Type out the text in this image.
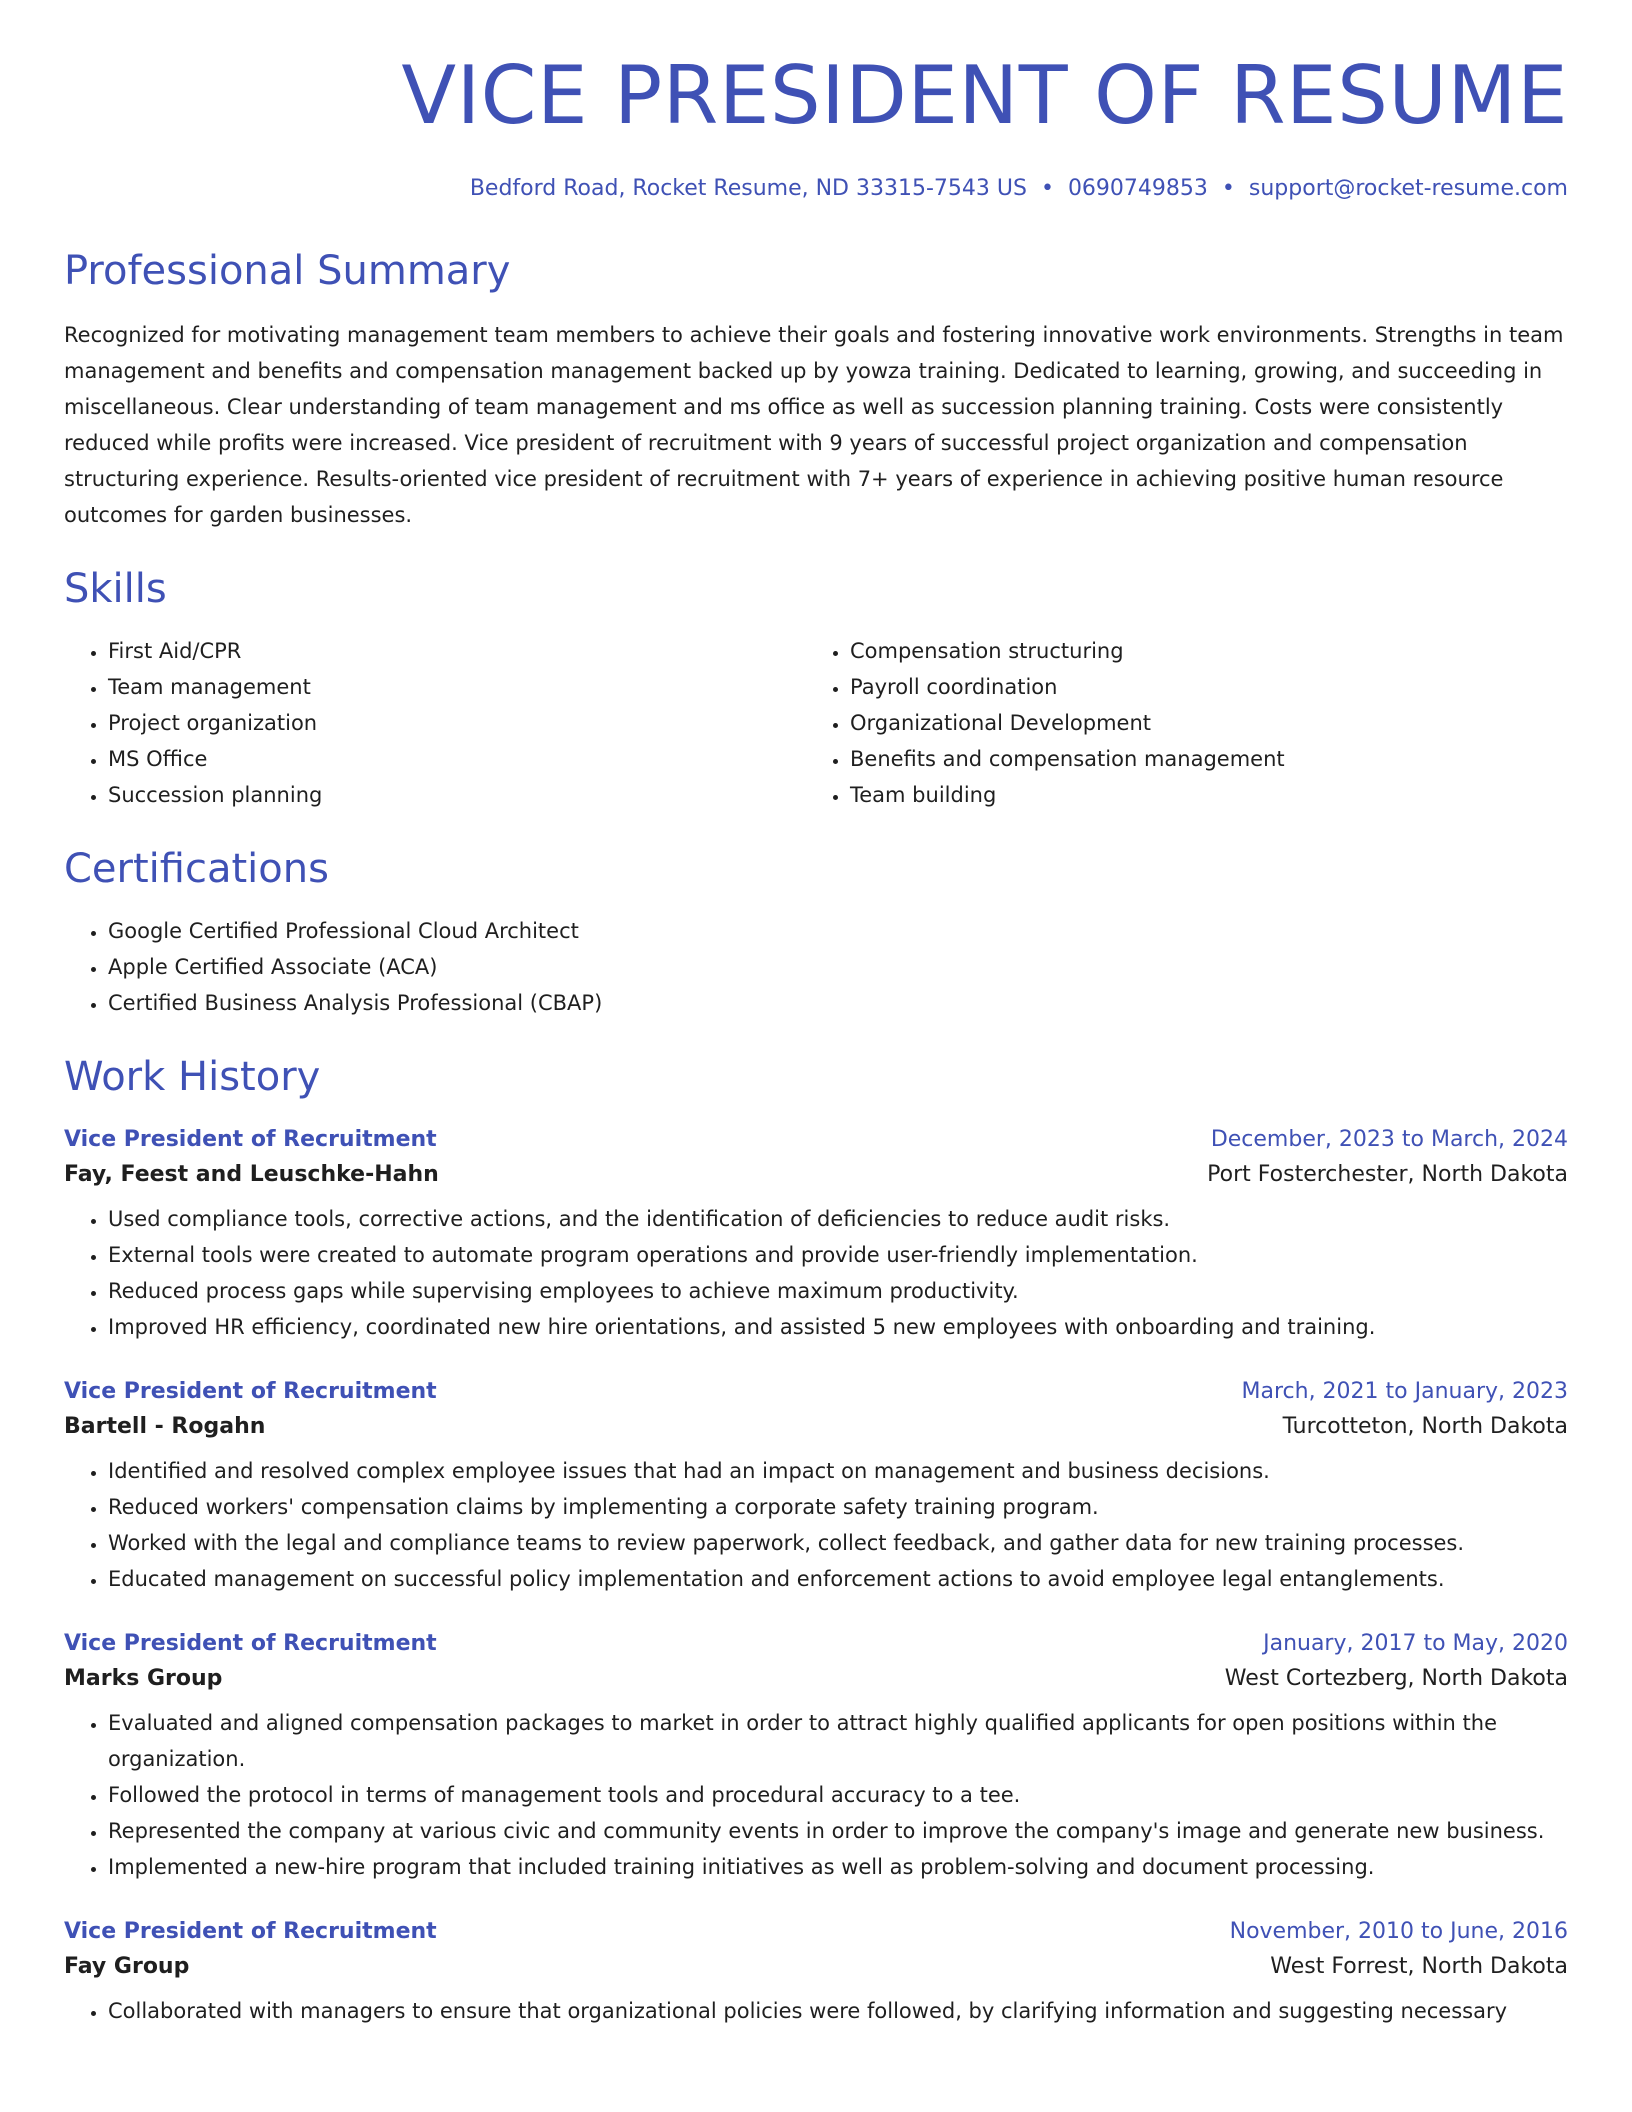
VICE PRESIDENT OF RESUME
Bedford Road, Rocket Resume, ND 33315-7543 US • 0690749853 • support@rocket-resume.com
Professional Summary

Recognized for motivating management team members to achieve their goals and fostering innovative work environments. Strengths in team management and benefits and compensation management backed up by yowza training. Dedicated to learning, growing, and succeeding in miscellaneous. Clear understanding of team management and ms office as well as succession planning training. Costs were consistently reduced while profits were increased. Vice president of recruitment with 9 years of successful project organization and compensation structuring experience. Results-oriented vice president of recruitment with 7+ years of experience in achieving positive human resource outcomes for garden businesses.

Skills
• First Aid/CPR
• Team management
• Project organization
• MS Office
• Succession planning
• Compensation structuring
• Payroll coordination
• Organizational Development
• Benefits and compensation management
• Team building
Certifications
• Google Certified Professional Cloud Architect
• Apple Certified Associate (ACA)
• Certified Business Analysis Professional (CBAP)
Work History
Vice President of Recruitment	December, 2023 to March, 2024
Fay, Feest and Leuschke-Hahn	Port Fosterchester, North Dakota
• Used compliance tools, corrective actions, and the identification of deficiencies to reduce audit risks.
• External tools were created to automate program operations and provide user-friendly implementation.
• Reduced process gaps while supervising employees to achieve maximum productivity.
• Improved HR efficiency, coordinated new hire orientations, and assisted 5 new employees with onboarding and training.
Vice President of Recruitment	March, 2021 to January, 2023
Bartell - Rogahn	Turcotteton, North Dakota
• Identified and resolved complex employee issues that had an impact on management and business decisions.
• Reduced workers' compensation claims by implementing a corporate safety training program.
• Worked with the legal and compliance teams to review paperwork, collect feedback, and gather data for new training processes.
• Educated management on successful policy implementation and enforcement actions to avoid employee legal entanglements.
Vice President of Recruitment	January, 2017 to May, 2020
Marks Group	West Cortezberg, North Dakota
• Evaluated and aligned compensation packages to market in order to attract highly qualified applicants for open positions within the organization.
• Followed the protocol in terms of management tools and procedural accuracy to a tee.
• Represented the company at various civic and community events in order to improve the company's image and generate new business.
• Implemented a new-hire program that included training initiatives as well as problem-solving and document processing.
Vice President of Recruitment	November, 2010 to June, 2016
Fay Group	West Forrest, North Dakota
• Collaborated with managers to ensure that organizational policies were followed, by clarifying information and suggesting necessary
